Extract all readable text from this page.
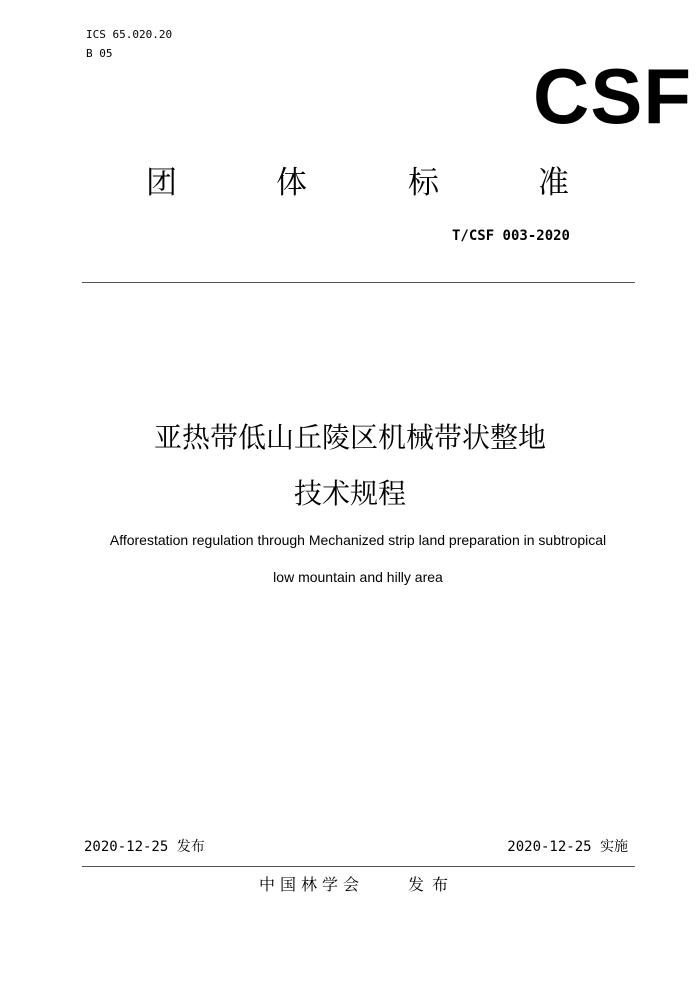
ICS 65.020.20
B 05	CSF
团	体	标	准
T/CSF 003-2020
亚热带低山丘陵区机械带状整地
技术规程
Afforestation regulation through Mechanized strip land preparation in subtropical
low mountain and hilly area
2020-12-25 发布	2020-12-25 实施
中国林学会	发布
